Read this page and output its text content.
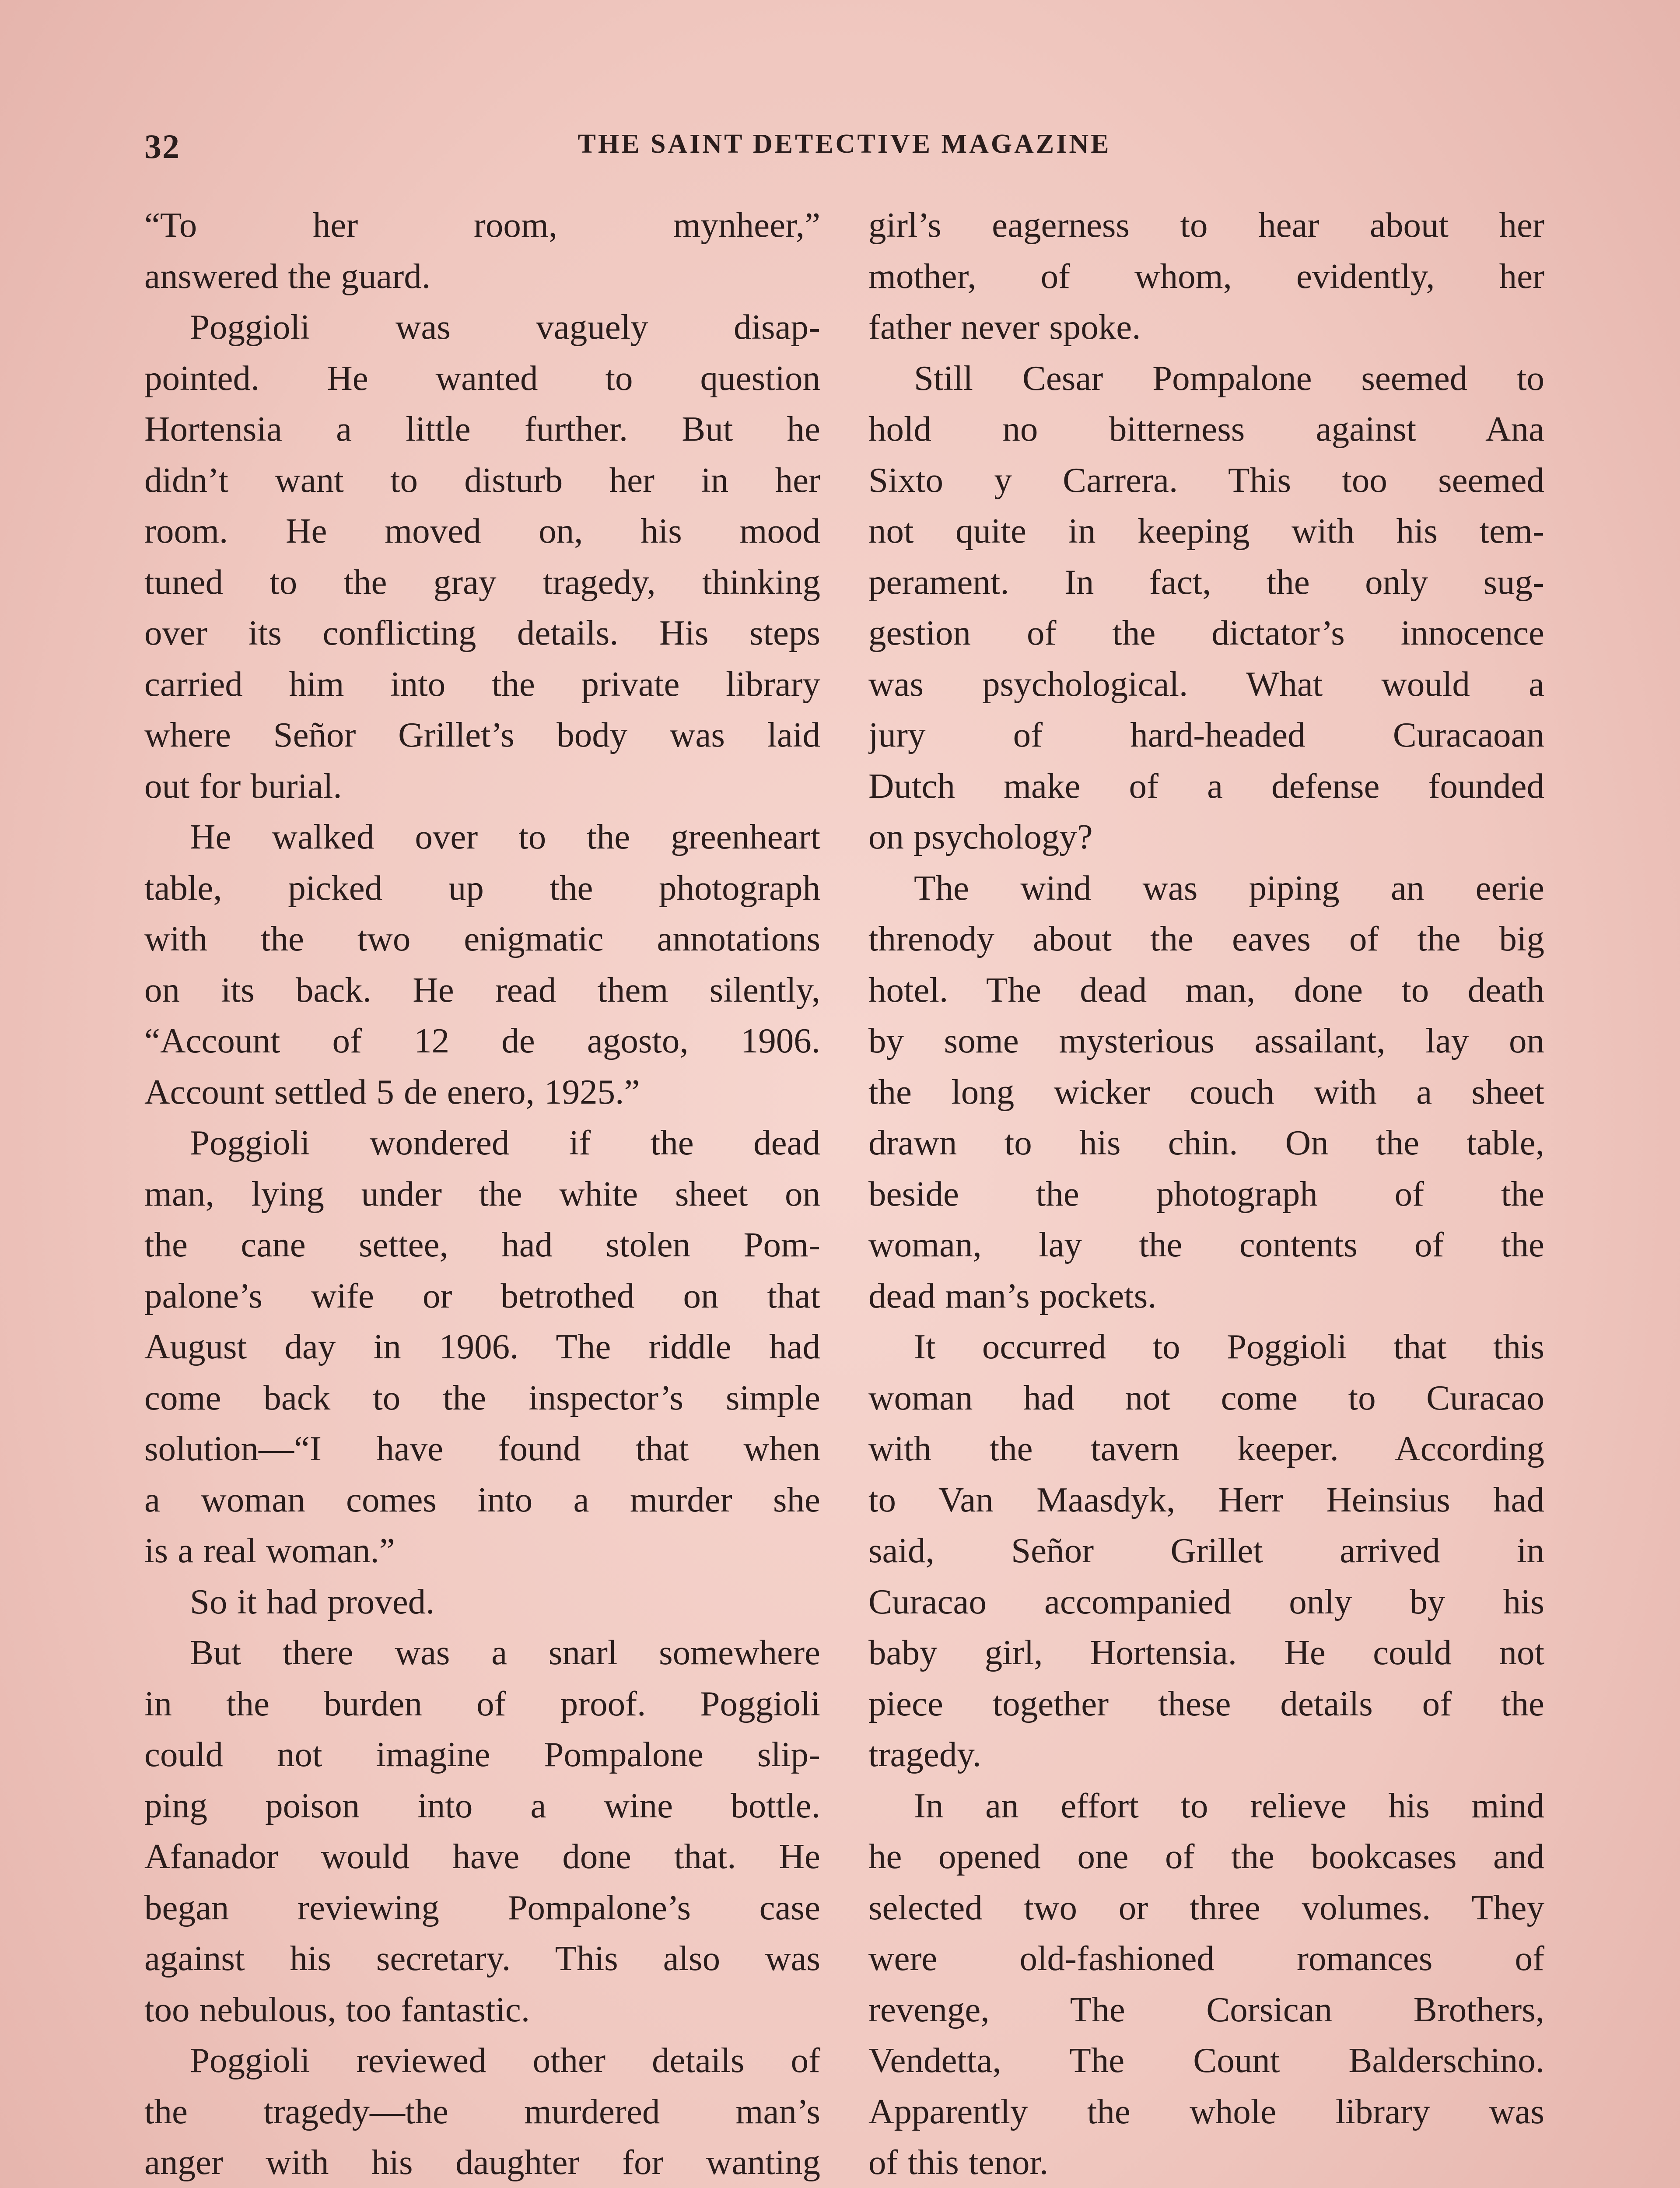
32	THE SAINT DETECTIVE MAGAZINE
“To her room, mynheer,”
answered the guard.
Poggioli was vaguely disap-
pointed. He wanted to question
Hortensia a little further. But he
didn’t want to disturb her in her
room. He moved on, his mood
tuned to the gray tragedy, thinking
over its conflicting details. His steps
carried him into the private library
where Señor Grillet’s body was laid
out for burial.
He walked over to the greenheart
table, picked up the photograph
with the two enigmatic annotations
on its back. He read them silently,
“Account of 12 de agosto, 1906.
Account settled 5 de enero, 1925.”
Poggioli wondered if the dead
man, lying under the white sheet on
the cane settee, had stolen Pom-
palone’s wife or betrothed on that
August day in 1906. The riddle had
come back to the inspector’s simple
solution—“I have found that when
a woman comes into a murder she
is a real woman.”
So it had proved.
But there was a snarl somewhere
in the burden of proof. Poggioli
could not imagine Pompalone slip-
ping poison into a wine bottle.
Afanador would have done that. He
began reviewing Pompalone’s case
against his secretary. This also was
too nebulous, too fantastic.
Poggioli reviewed other details of
the tragedy—the murdered man’s
anger with his daughter for wanting
girl’s eagerness to hear about her
mother, of whom, evidently, her
father never spoke.
Still Cesar Pompalone seemed to
hold no bitterness against Ana
Sixto y Carrera. This too seemed
not quite in keeping with his tem-
perament. In fact, the only sug-
gestion of the dictator’s innocence
was psychological. What would a
jury of hard-headed Curacaoan
Dutch make of a defense founded
on psychology?
The wind was piping an eerie
threnody about the eaves of the big
hotel. The dead man, done to death
by some mysterious assailant, lay on
the long wicker couch with a sheet
drawn to his chin. On the table,
beside the photograph of the
woman, lay the contents of the
dead man’s pockets.
It occurred to Poggioli that this
woman had not come to Curacao
with the tavern keeper. According
to Van Maasdyk, Herr Heinsius had
said, Señor Grillet arrived in
Curacao accompanied only by his
baby girl, Hortensia. He could not
piece together these details of the
tragedy.
In an effort to relieve his mind
he opened one of the bookcases and
selected two or three volumes. They
were old-fashioned romances of
revenge, The Corsican Brothers,
Vendetta, The Count Balderschino.
Apparently the whole library was
of this tenor.
